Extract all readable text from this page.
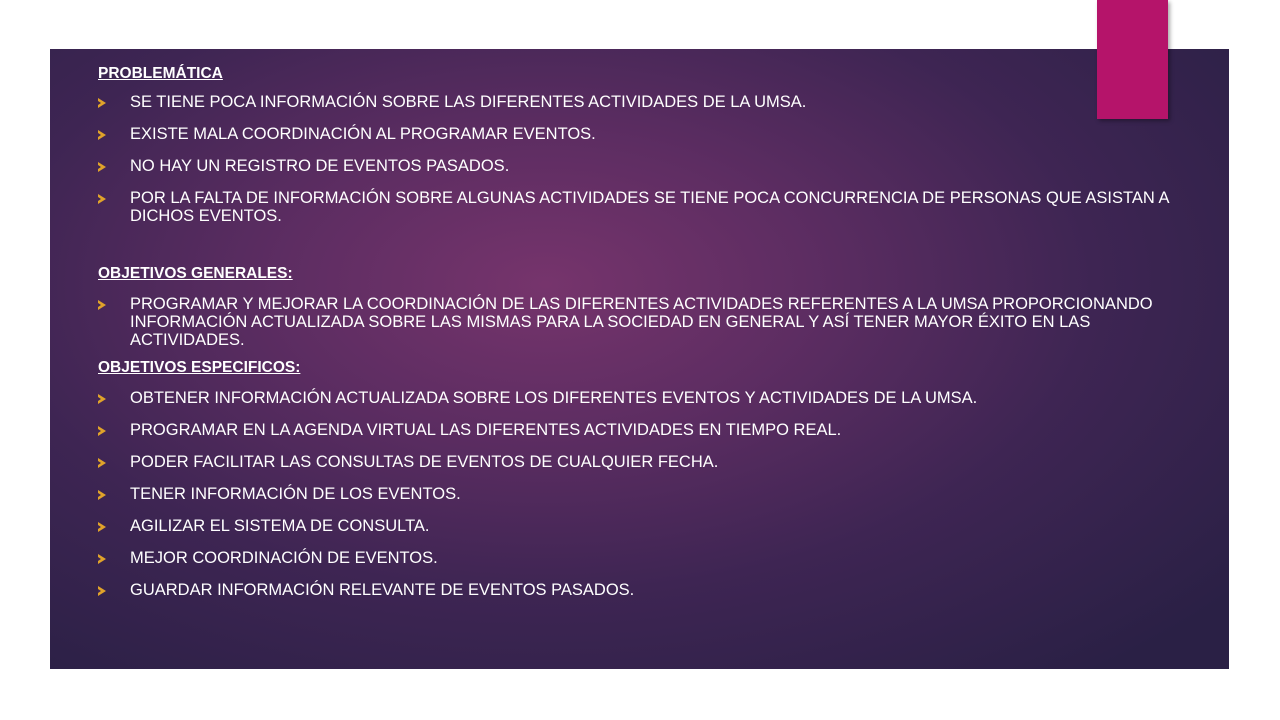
PROBLEMÁTICA

SE TIENE POCA INFORMACIÓN SOBRE LAS DIFERENTES ACTIVIDADES DE LA UMSA.

EXISTE MALA COORDINACIÓN AL PROGRAMAR EVENTOS.

NO HAY UN REGISTRO DE EVENTOS PASADOS.

POR LA FALTA DE INFORMACIÓN SOBRE ALGUNAS ACTIVIDADES SE TIENE POCA CONCURRENCIA DE PERSONAS QUE ASISTAN A DICHOS EVENTOS.

OBJETIVOS GENERALES:

PROGRAMAR Y MEJORAR LA COORDINACIÓN DE LAS DIFERENTES ACTIVIDADES REFERENTES A LA UMSA PROPORCIONANDO INFORMACIÓN ACTUALIZADA SOBRE LAS MISMAS PARA LA SOCIEDAD EN GENERAL Y ASÍ TENER MAYOR ÉXITO EN LAS ACTIVIDADES.

OBJETIVOS ESPECIFICOS:

OBTENER INFORMACIÓN ACTUALIZADA SOBRE LOS DIFERENTES EVENTOS Y ACTIVIDADES DE LA UMSA.

PROGRAMAR EN LA AGENDA VIRTUAL LAS DIFERENTES ACTIVIDADES EN TIEMPO REAL.

PODER FACILITAR LAS CONSULTAS DE EVENTOS DE CUALQUIER FECHA.

TENER INFORMACIÓN DE LOS EVENTOS.

AGILIZAR EL SISTEMA DE CONSULTA.

MEJOR COORDINACIÓN DE EVENTOS.

GUARDAR INFORMACIÓN RELEVANTE DE EVENTOS PASADOS.
